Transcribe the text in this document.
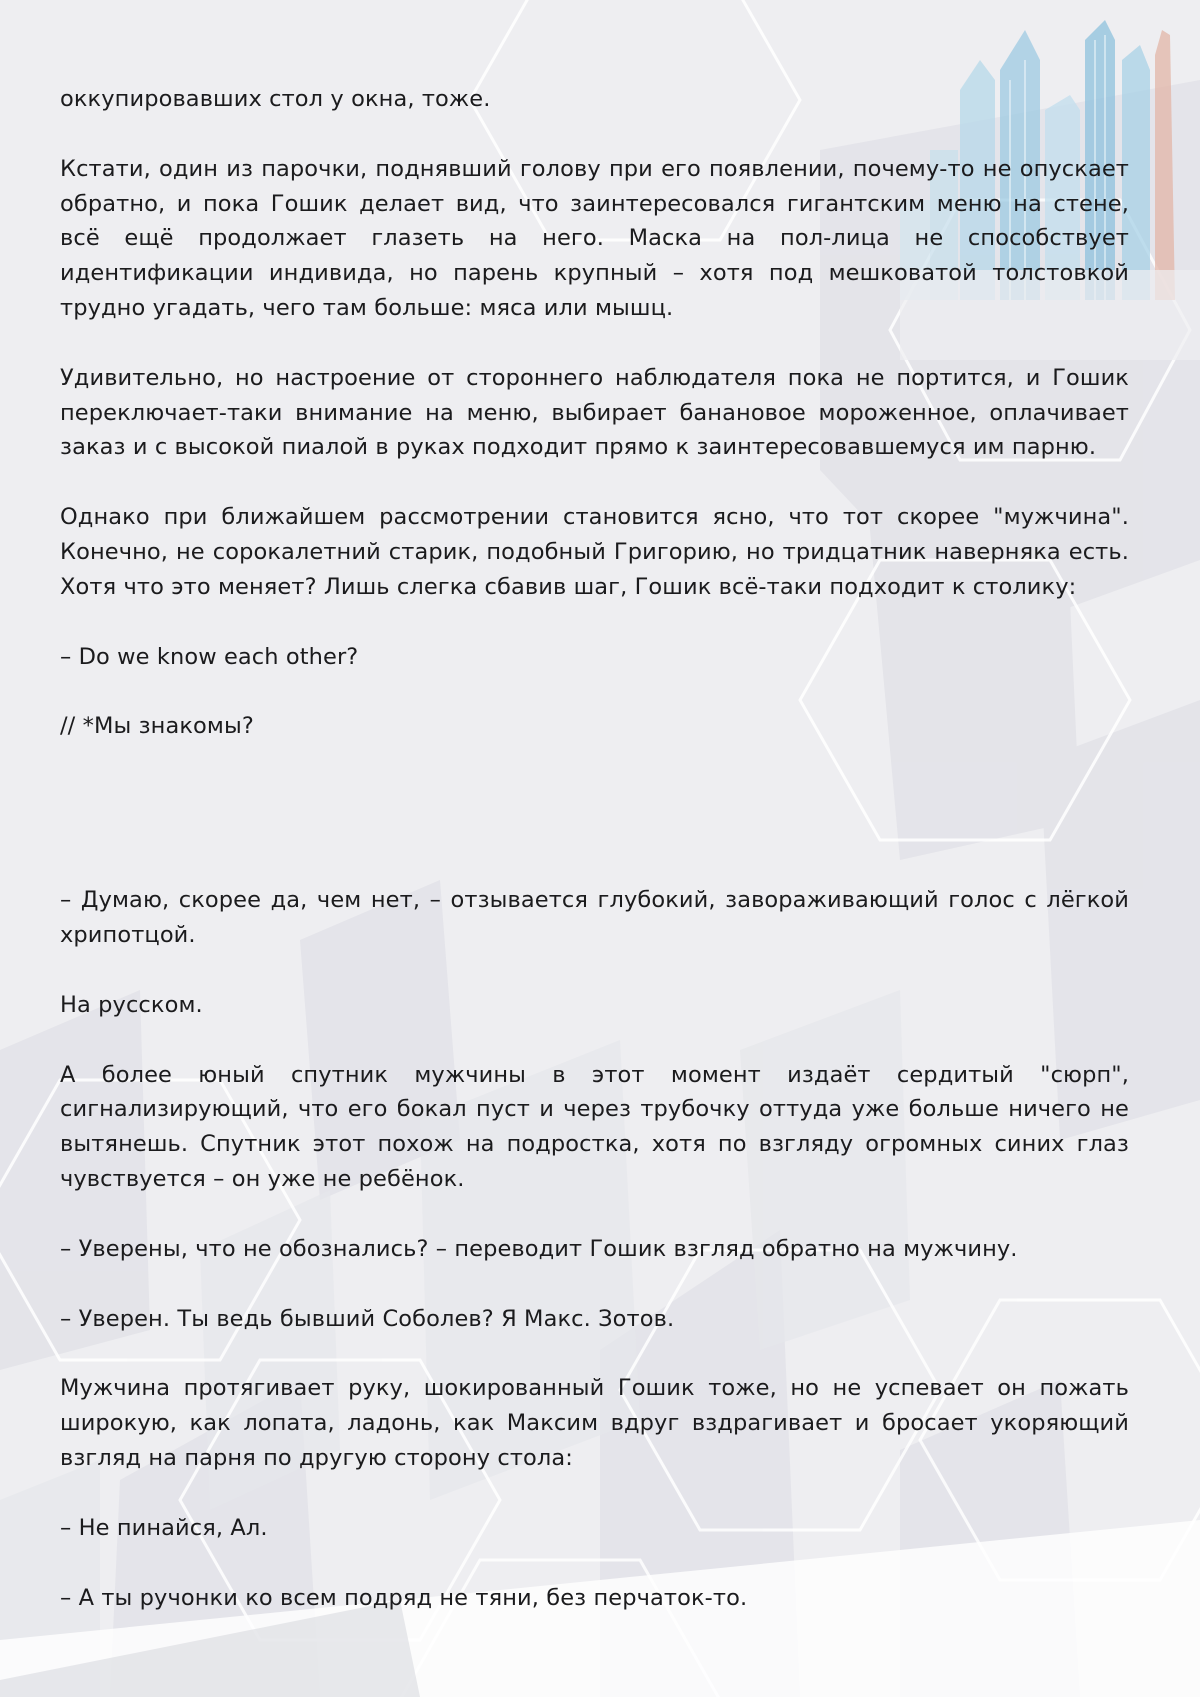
оккупировавших стол у окна, тоже.

Кстати, один из парочки, поднявший голову при его появлении, почему-то не опускает обратно, и пока Гошик делает вид, что заинтересовался гигантским меню на стене, всё ещё продолжает глазеть на него. Маска на пол-лица не способствует идентификации индивида, но парень крупный – хотя под мешковатой толстовкой трудно угадать, чего там больше: мяса или мышц.

Удивительно, но настроение от стороннего наблюдателя пока не портится, и Гошик переключает-таки внимание на меню, выбирает банановое мороженное, оплачивает заказ и с высокой пиалой в руках подходит прямо к заинтересовавшемуся им парню.

Однако при ближайшем рассмотрении становится ясно, что тот скорее "мужчина". Конечно, не сорокалетний старик, подобный Григорию, но тридцатник наверняка есть. Хотя что это меняет? Лишь слегка сбавив шаг, Гошик всё-таки подходит к столику:

– Do we know each other?

// *Мы знакомы?

– Думаю, скорее да, чем нет, – отзывается глубокий, завораживающий голос с лёгкой хрипотцой.

На русском.

А более юный спутник мужчины в этот момент издаёт сердитый "сюрп", сигнализирующий, что его бокал пуст и через трубочку оттуда уже больше ничего не вытянешь. Спутник этот похож на подростка, хотя по взгляду огромных синих глаз чувствуется – он уже не ребёнок.

– Уверены, что не обознались? – переводит Гошик взгляд обратно на мужчину.

– Уверен. Ты ведь бывший Соболев? Я Макс. Зотов.

Мужчина протягивает руку, шокированный Гошик тоже, но не успевает он пожать широкую, как лопата, ладонь, как Максим вдруг вздрагивает и бросает укоряющий взгляд на парня по другую сторону стола:

– Не пинайся, Ал.

– А ты ручонки ко всем подряд не тяни, без перчаток-то.
